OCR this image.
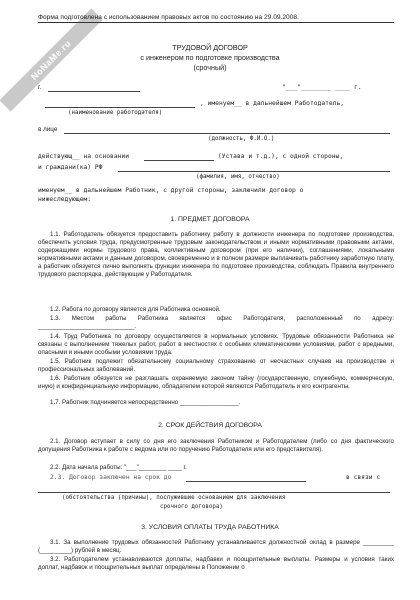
NoNaMe.ru
Форма подготовлена с использованием правовых актов по состоянию на 29.09.2008.
ТРУДОВОЙ ДОГОВОР
с инженером по подготовке производства
(срочный)
г.	"___"________ ____ г.
, именуем__ в дальнейшем Работодатель,
(наименование работодателя)
в лице
(должность, Ф.И.О.)
действующ__ на основании	(Устава и т.д.), с одной стороны,
и граждани(ка) РФ
(фамилия, имя, отчество)
именуем__ в дальнейшем Работник, с другой стороны, заключили договор о
нижеследующем:
1. ПРЕДМЕТ ДОГОВОРА
1.1. Работодатель обязуется предоставить работнику работу в должности инженера по подготовке производства, обеспечить условия труда, предусмотренные трудовым законодательством и иными нормативными правовыми актами, содержащими нормы трудового права, коллективным договором (при его наличии), соглашениями, локальными нормативными актами и данным договором, своевременно и в полном размере выплачивать работнику заработную плату, а работник обязуется лично выполнять функции инженера по подготовке производства, соблюдать Правила внутреннего трудового распорядка, действующие у Работодателя.
1.2. Работа по договору является для Работника основной.
1.3. Местом работы Работника является офис Работодателя, расположенный по адресу: ____________________________.
1.4. Труд Работника по договору осуществляется в нормальных условиях. Трудовые обязанности Работника не связаны с выполнением тяжелых работ, работ в местностях с особыми климатическими условиями, работ с вредными, опасными и иными особыми условиями труда.
1.5. Работник подлежит обязательному социальному страхованию от несчастных случаев на производстве и профессиональных заболеваний.
1.6. Работник обязуется не разглашать охраняемую законом тайну (государственную, служебную, коммерческую, иную) и конфиденциальную информацию, обладателем которой являются Работодатель и его контрагенты.
1.7. Работник подчиняется непосредственно _________________.
2. СРОК ДЕЙСТВИЯ ДОГОВОРА
2.1. Договор вступает в силу со дня его заключения Работником и Работодателем (либо со дня фактического допущения Работника к работе с ведома или по поручению Работодателя или его представителя).
2.2. Дата начала работы: "___"________ ____ г.
2.3. Договор заключен на срок до	в связи с
(обстоятельства (причины), послужившие основанием для заключения
срочного договора)
3. УСЛОВИЯ ОПЛАТЫ ТРУДА РАБОТНИКА
3.1. За выполнение трудовых обязанностей Работнику устанавливается должностной оклад в размере _________ (_________) рублей в месяц.
3.2. Работодателем устанавливаются доплаты, надбавки и поощрительные выплаты. Размеры и условия таких доплат, надбавок и поощрительных выплат определены в Положении о
